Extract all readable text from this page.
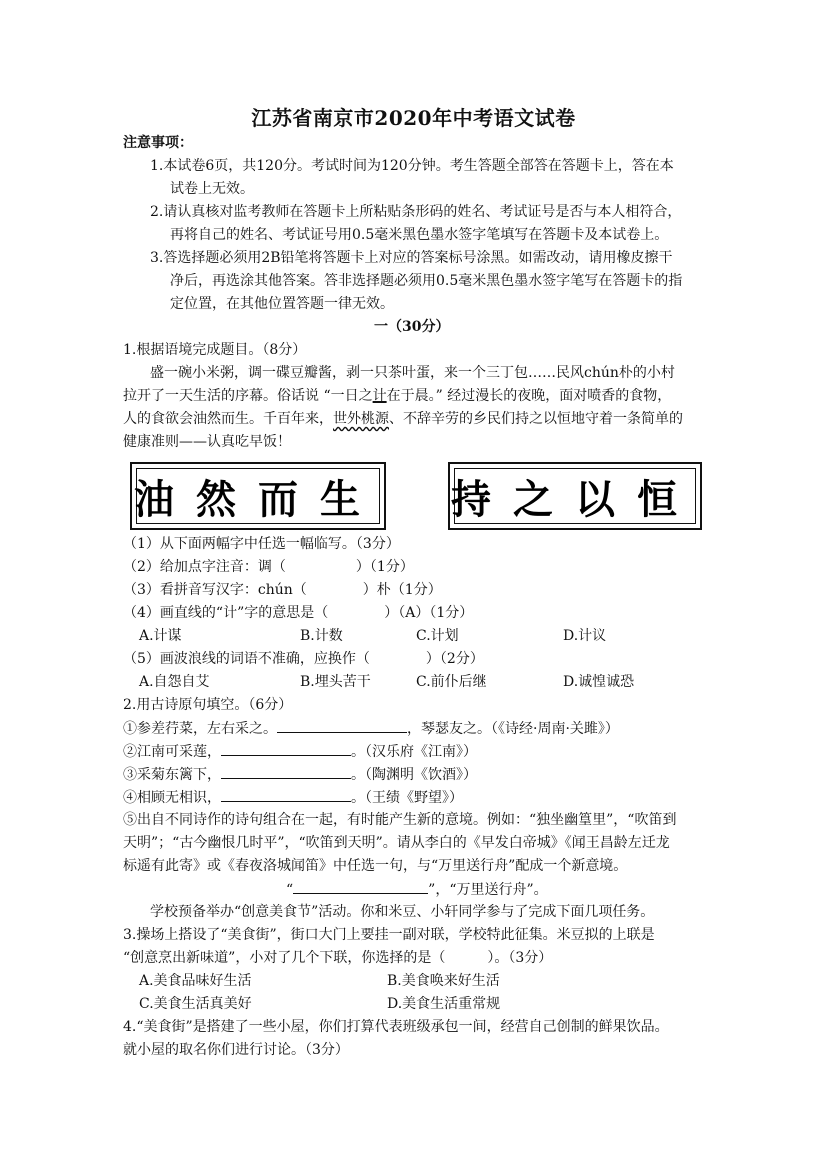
江苏省南京市2020年中考语文试卷
注意事项：
1.本试卷6页，共120分。考试时间为120分钟。考生答题全部答在答题卡上，答在本
试卷上无效。
2.请认真核对监考教师在答题卡上所粘贴条形码的姓名、考试证号是否与本人相符合，
再将自己的姓名、考试证号用0.5毫米黑色墨水签字笔填写在答题卡及本试卷上。
3.答选择题必须用2B铅笔将答题卡上对应的答案标号涂黑。如需改动，请用橡皮擦干
净后，再选涂其他答案。答非选择题必须用0.5毫米黑色墨水签字笔写在答题卡的指
定位置，在其他位置答题一律无效。
一（30分）
1.根据语境完成题目。（8分）
盛一碗小米粥，调一碟豆瓣酱，剥一只茶叶蛋，来一个三丁包……民风chún朴的小村
拉开了一天生活的序幕。俗话说 “一日之计在于晨。” 经过漫长的夜晚，面对喷香的食物，
人的食欲会油然而生。千百年来，世外桃源、不辞辛劳的乡民们持之以恒地守着一条简单的
健康准则——认真吃早饭！
油然而生 持之以恒
（1）从下面两幅字中任选一幅临写。（3分）
（2）给加点字注音：调（　　　　　）（1分）
（3）看拼音写汉字：chún（　　　　）朴（1分）
（4）画直线的“计”字的意思是（　　　　）（A）（1分）
A.计谋	B.计数	C.计划	D.计议
（5）画波浪线的词语不准确，应换作（　　　　）（2分）
A.自怨自艾	B.埋头苦干	C.前仆后继	D.诚惶诚恐
2.用古诗原句填空。（6分）
①参差荇菜，左右采之。	，琴瑟友之。（《诗经·周南·关雎》）
②江南可采莲，	。（汉乐府《江南》）
③采菊东篱下，	。（陶渊明《饮酒》）
④相顾无相识，	。（王绩《野望》）
⑤出自不同诗作的诗句组合在一起，有时能产生新的意境。例如：“独坐幽篁里”，“吹笛到
天明”；“古今幽恨几时平”，“吹笛到天明”。请从李白的《早发白帝城》《闻王昌龄左迁龙
标遥有此寄》或《春夜洛城闻笛》中任选一句，与“万里送行舟”配成一个新意境。
“	”，“万里送行舟”。
学校预备举办“创意美食节”活动。你和米豆、小轩同学参与了完成下面几项任务。
3.操场上搭设了“美食街”，街口大门上要挂一副对联，学校特此征集。米豆拟的上联是
“创意烹出新味道”，小对了几个下联，你选择的是（　　　）。（3分）
A.美食品味好生活	B.美食唤来好生活
C.美食生活真美好	D.美食生活重常规
4.“美食街”是搭建了一些小屋，你们打算代表班级承包一间，经营自己创制的鲜果饮品。
就小屋的取名你们进行讨论。（3分）
